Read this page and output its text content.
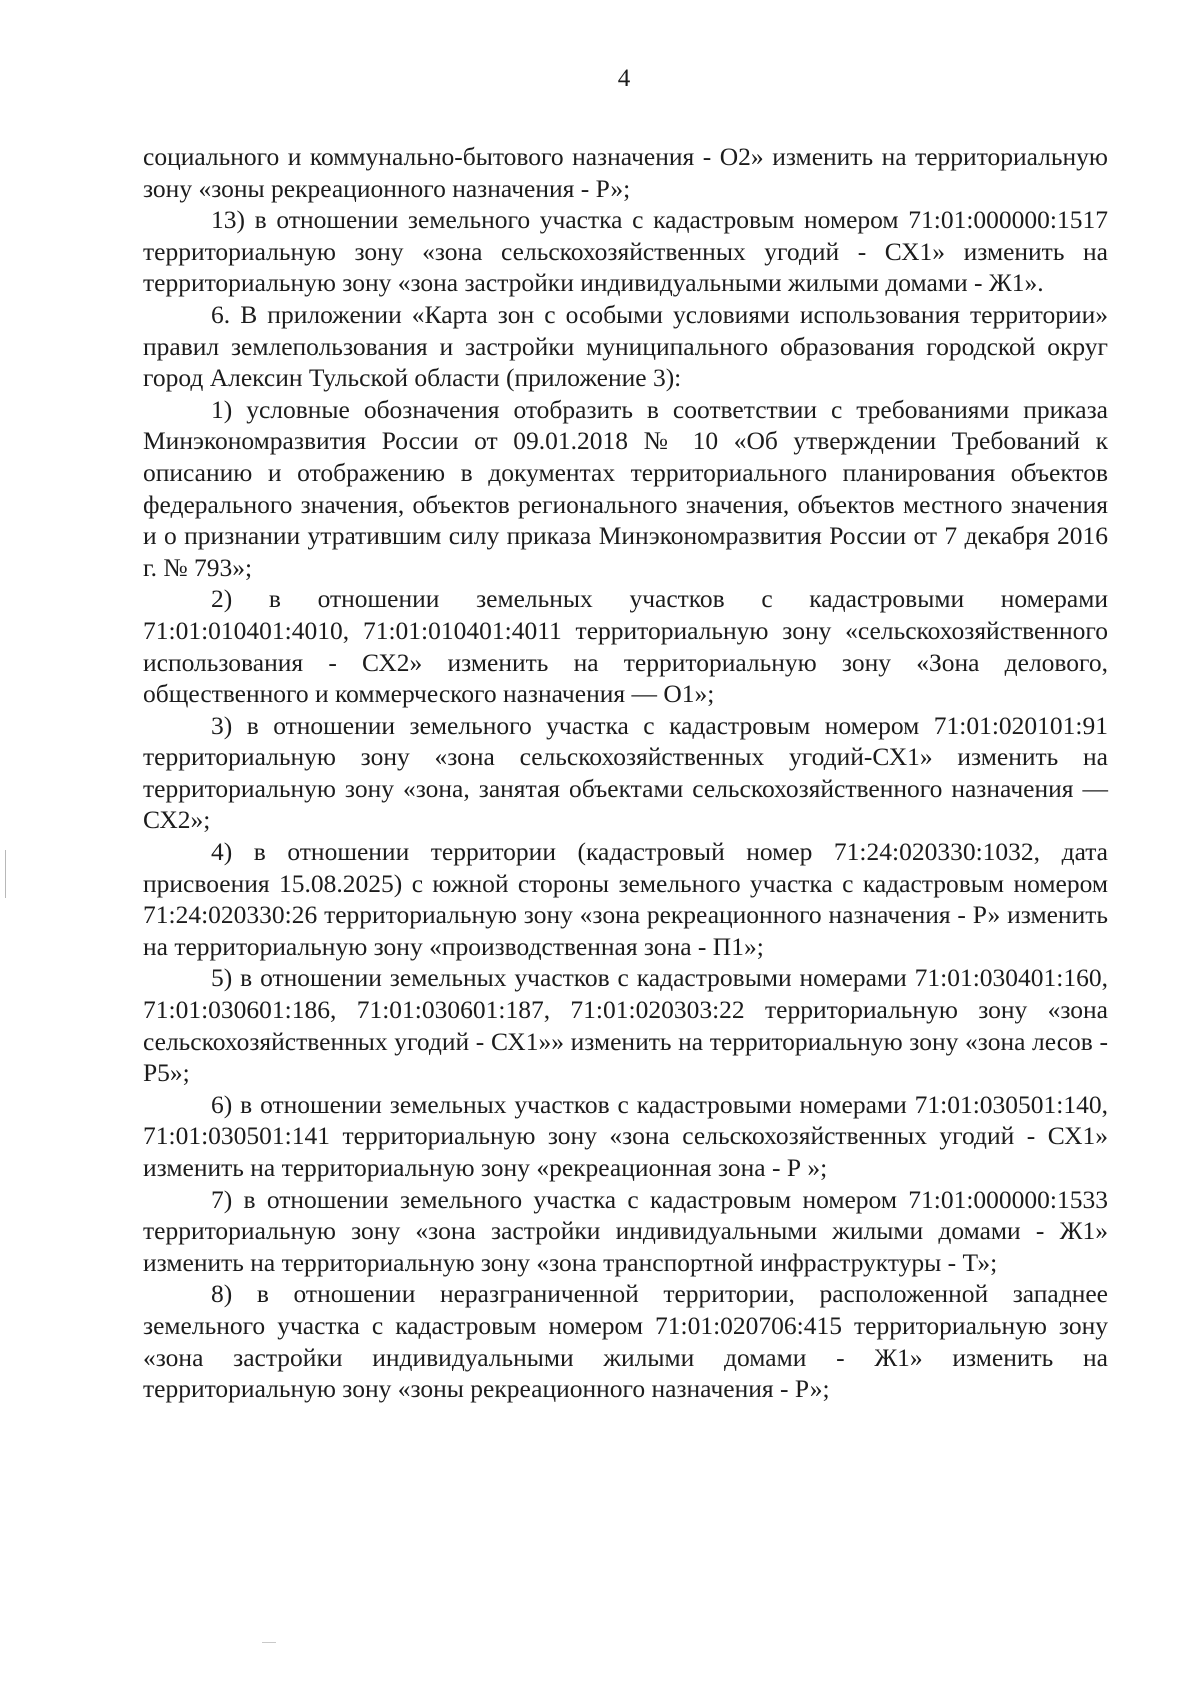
4

социального и коммунально-бытового назначения - О2» изменить на территориальную зону «зоны рекреационного назначения - Р»;

13) в отношении земельного участка с кадастровым номером 71:01:000000:1517 территориальную зону «зона сельскохозяйственных угодий - СХ1» изменить на территориальную зону «зона застройки индивидуальными жилыми домами - Ж1».

6. В приложении «Карта зон с особыми условиями использования территории» правил землепользования и застройки муниципального образования городской округ город Алексин Тульской области (приложение 3):

1) условные обозначения отобразить в соответствии с требованиями приказа Минэкономразвития России от 09.01.2018 № 10 «Об утверждении Требований к описанию и отображению в документах территориального планирования объектов федерального значения, объектов регионального значения, объектов местного значения и о признании утратившим силу приказа Минэкономразвития России от 7 декабря 2016 г. № 793»;

2) в отношении земельных участков с кадастровыми номерами 71:01:010401:4010, 71:01:010401:4011 территориальную зону «сельскохозяйственного использования - СХ2» изменить на территориальную зону «Зона делового, общественного и коммерческого назначения — О1»;

3) в отношении земельного участка с кадастровым номером 71:01:020101:91 территориальную зону «зона сельскохозяйственных угодий-СХ1» изменить на территориальную зону «зона, занятая объектами сельскохозяйственного назначения — СХ2»;

4) в отношении территории (кадастровый номер 71:24:020330:1032, дата присвоения 15.08.2025) с южной стороны земельного участка с кадастровым номером 71:24:020330:26 территориальную зону «зона рекреационного назначения - Р» изменить на территориальную зону «производственная зона - П1»;

5) в отношении земельных участков с кадастровыми номерами 71:01:030401:160, 71:01:030601:186, 71:01:030601:187, 71:01:020303:22 территориальную зону «зона сельскохозяйственных угодий - СХ1»» изменить на территориальную зону «зона лесов - Р5»;

6) в отношении земельных участков с кадастровыми номерами 71:01:030501:140, 71:01:030501:141 территориальную зону «зона сельскохозяйственных угодий - СХ1» изменить на территориальную зону «рекреационная зона - Р »;

7) в отношении земельного участка с кадастровым номером 71:01:000000:1533 территориальную зону «зона застройки индивидуальными жилыми домами - Ж1» изменить на территориальную зону «зона транспортной инфраструктуры - Т»;

8) в отношении неразграниченной территории, расположенной западнее земельного участка с кадастровым номером 71:01:020706:415 территориальную зону «зона застройки индивидуальными жилыми домами - Ж1» изменить на территориальную зону «зоны рекреационного назначения - Р»;
